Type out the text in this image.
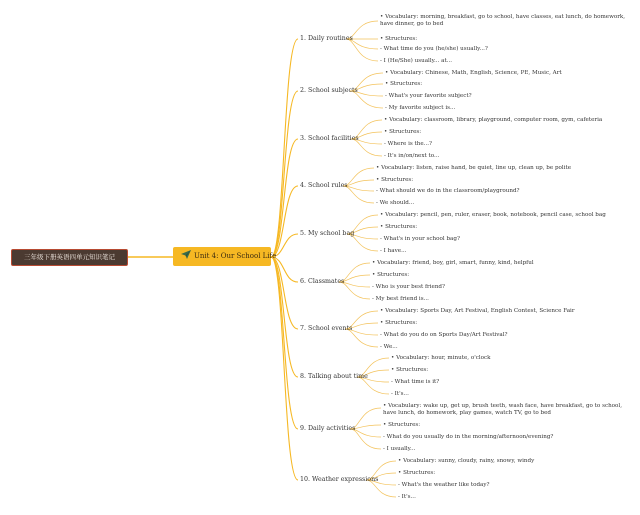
三年级下册英语四单元知识笔记	Unit 4: Our School Life
1. Daily routines
2. School subjects
3. School facilities
4. School rules
5. My school bag
6. Classmates
7. School events
8. Talking about time
9. Daily activities
10. Weather expressions
• Vocabulary: morning, breakfast, go to school, have classes, eat lunch, do homework, have dinner, go to bed
• Structures:
- What time do you (he/she) usually...?
- I (He/She) usually... at...
• Vocabulary: Chinese, Math, English, Science, PE, Music, Art
• Structures:
- What's your favorite subject?
- My favorite subject is...
• Vocabulary: classroom, library, playground, computer room, gym, cafeteria
• Structures:
- Where is the...?
- It's in/on/next to...
• Vocabulary: listen, raise hand, be quiet, line up, clean up, be polite
• Structures:
- What should we do in the classroom/playground?
- We should...
• Vocabulary: pencil, pen, ruler, eraser, book, notebook, pencil case, school bag
• Structures:
- What's in your school bag?
- I have...
• Vocabulary: friend, boy, girl, smart, funny, kind, helpful
• Structures:
- Who is your best friend?
- My best friend is...
• Vocabulary: Sports Day, Art Festival, English Contest, Science Fair
• Structures:
- What do you do on Sports Day/Art Festival?
- We...
• Vocabulary: hour, minute, o'clock
• Structures:
- What time is it?
- It's...
• Vocabulary: wake up, get up, brush teeth, wash face, have breakfast, go to school, have lunch, do homework, play games, watch TV, go to bed
• Structures:
- What do you usually do in the morning/afternoon/evening?
- I usually...
• Vocabulary: sunny, cloudy, rainy, snowy, windy
• Structures:
- What's the weather like today?
- It's...
